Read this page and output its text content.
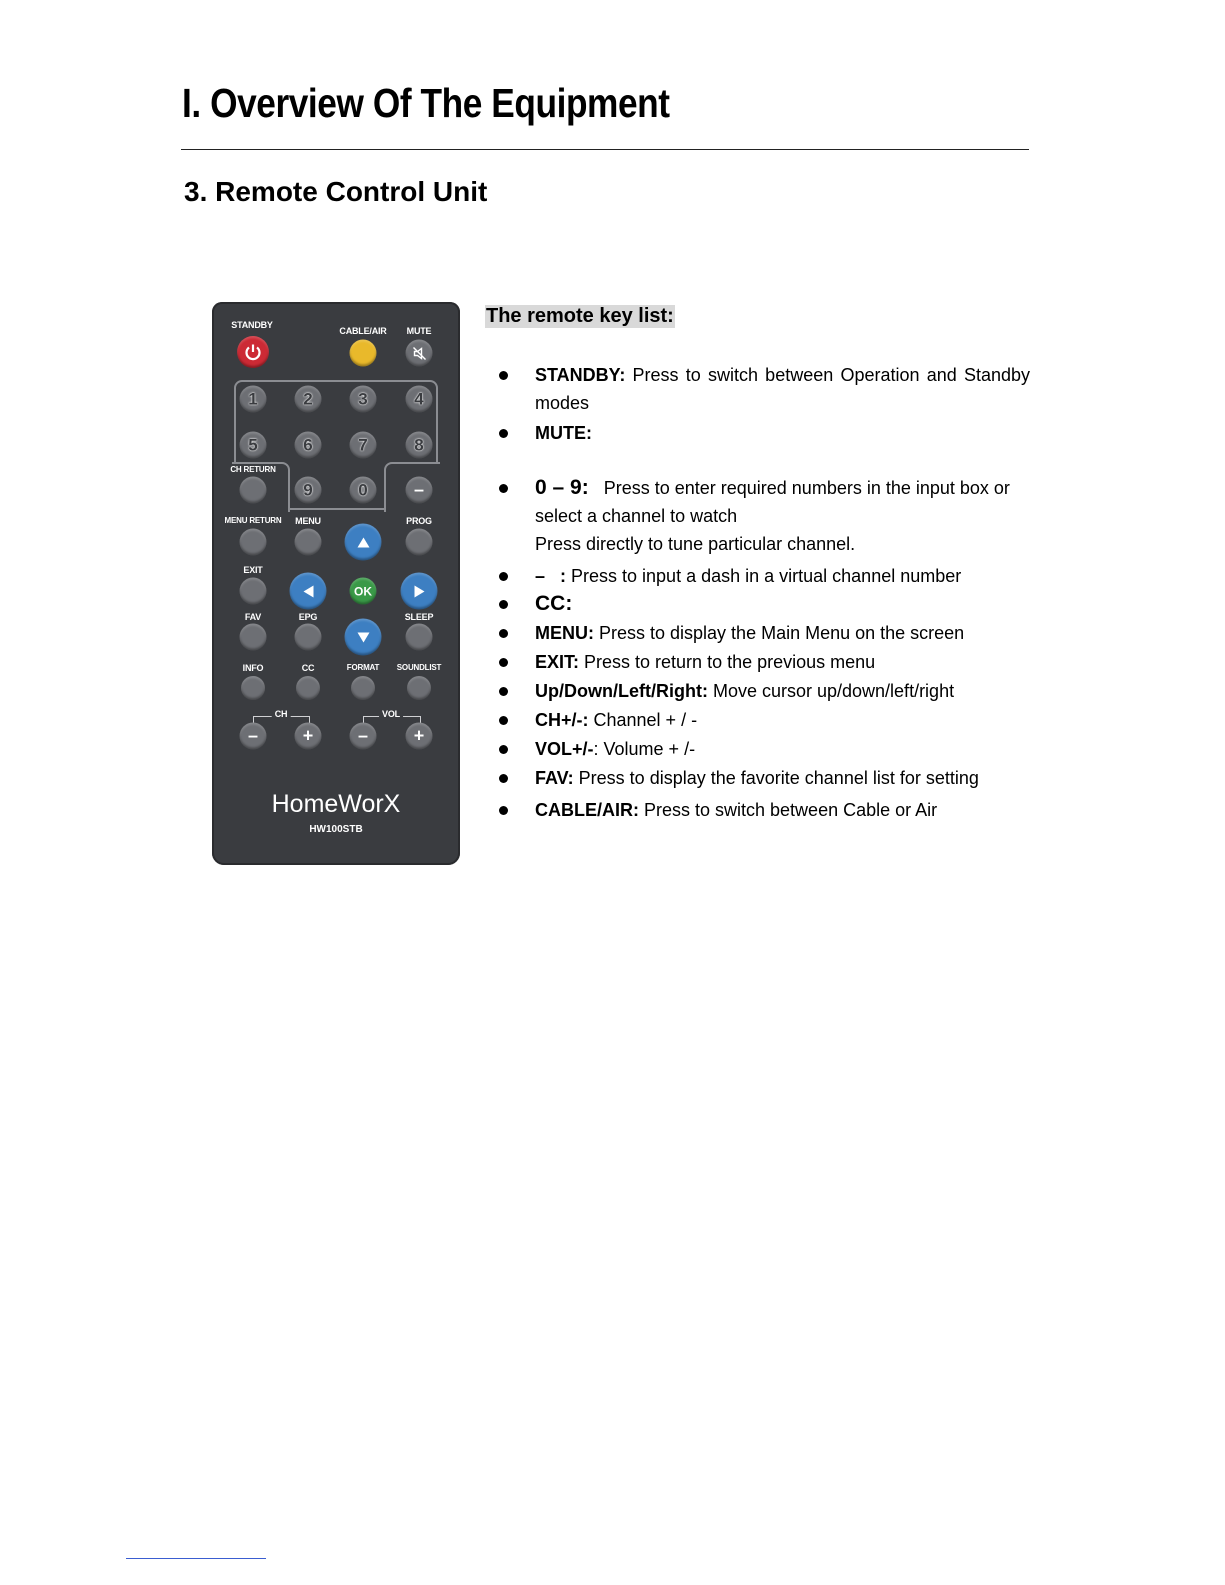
I. Overview Of The Equipment
3. Remote Control Unit
STANDBY
CABLE/AIR MUTE
1	2	3	4
5	6	7	8
CH RETURN
9	0	–
MENU RETURN MENU	PROG
EXIT
OK
FAV	EPG	SLEEP
INFO	CC	FORMAT SOUNDLIST
CH	VOL
–	+	–	+
HomeWorX
HW100STB
The remote key list:
STANDBY: Press to switch between Operation and Standby modes
MUTE:
0 – 9:   Press to enter required numbers in the input box or select a channel to watch
Press directly to tune particular channel.
–   : Press to input a dash in a virtual channel number
CC:
MENU: Press to display the Main Menu on the screen
EXIT: Press to return to the previous menu
Up/Down/Left/Right: Move cursor up/down/left/right
CH+/-: Channel + / -
VOL+/-: Volume + /-
FAV: Press to display the favorite channel list for setting
CABLE/AIR: Press to switch between Cable or Air
